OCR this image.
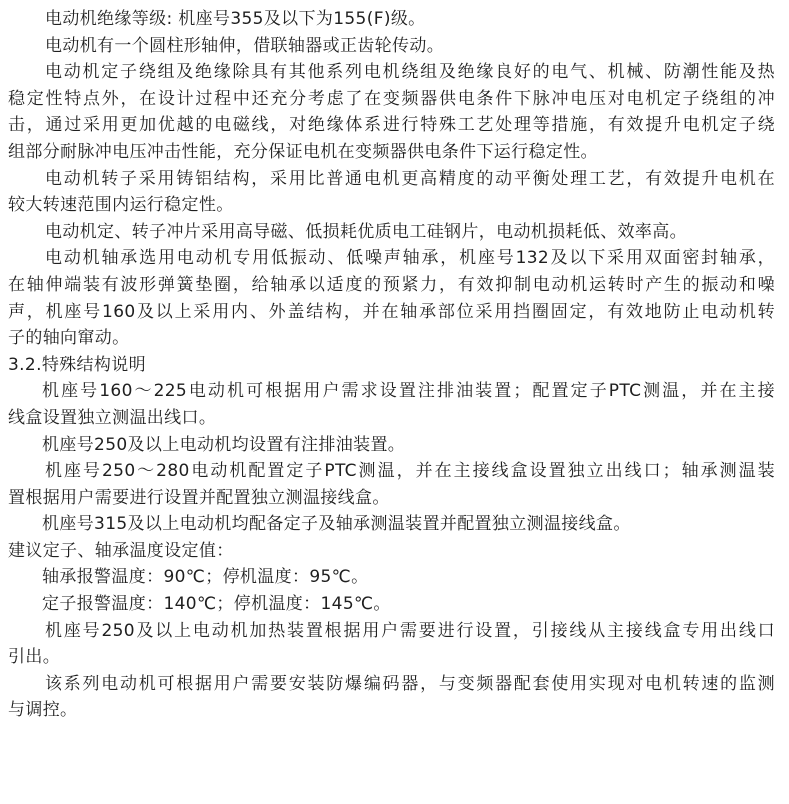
电动机绝缘等级: 机座号355及以下为155(F)级。
电动机有一个圆柱形轴伸，借联轴器或正齿轮传动。
电动机定子绕组及绝缘除具有其他系列电机绕组及绝缘良好的电气、机械、防潮性能及热
稳定性特点外，在设计过程中还充分考虑了在变频器供电条件下脉冲电压对电机定子绕组的冲
击，通过采用更加优越的电磁线，对绝缘体系进行特殊工艺处理等措施，有效提升电机定子绕
组部分耐脉冲电压冲击性能，充分保证电机在变频器供电条件下运行稳定性。
电动机转子采用铸铝结构，采用比普通电机更高精度的动平衡处理工艺，有效提升电机在
较大转速范围内运行稳定性。
电动机定、转子冲片采用高导磁、低损耗优质电工硅钢片，电动机损耗低、效率高。
电动机轴承选用电动机专用低振动、低噪声轴承，机座号132及以下采用双面密封轴承，
在轴伸端装有波形弹簧垫圈，给轴承以适度的预紧力，有效抑制电动机运转时产生的振动和噪
声，机座号160及以上采用内、外盖结构，并在轴承部位采用挡圈固定，有效地防止电动机转
子的轴向窜动。
3.2.特殊结构说明
机座号160～225电动机可根据用户需求设置注排油装置；配置定子PTC测温，并在主接
线盒设置独立测温出线口。
机座号250及以上电动机均设置有注排油装置。
机座号250～280电动机配置定子PTC测温，并在主接线盒设置独立出线口；轴承测温装
置根据用户需要进行设置并配置独立测温接线盒。
机座号315及以上电动机均配备定子及轴承测温装置并配置独立测温接线盒。
建议定子、轴承温度设定值：
轴承报警温度：90℃；停机温度：95℃。
定子报警温度：140℃；停机温度：145℃。
机座号250及以上电动机加热装置根据用户需要进行设置，引接线从主接线盒专用出线口
引出。
该系列电动机可根据用户需要安装防爆编码器，与变频器配套使用实现对电机转速的监测
与调控。
